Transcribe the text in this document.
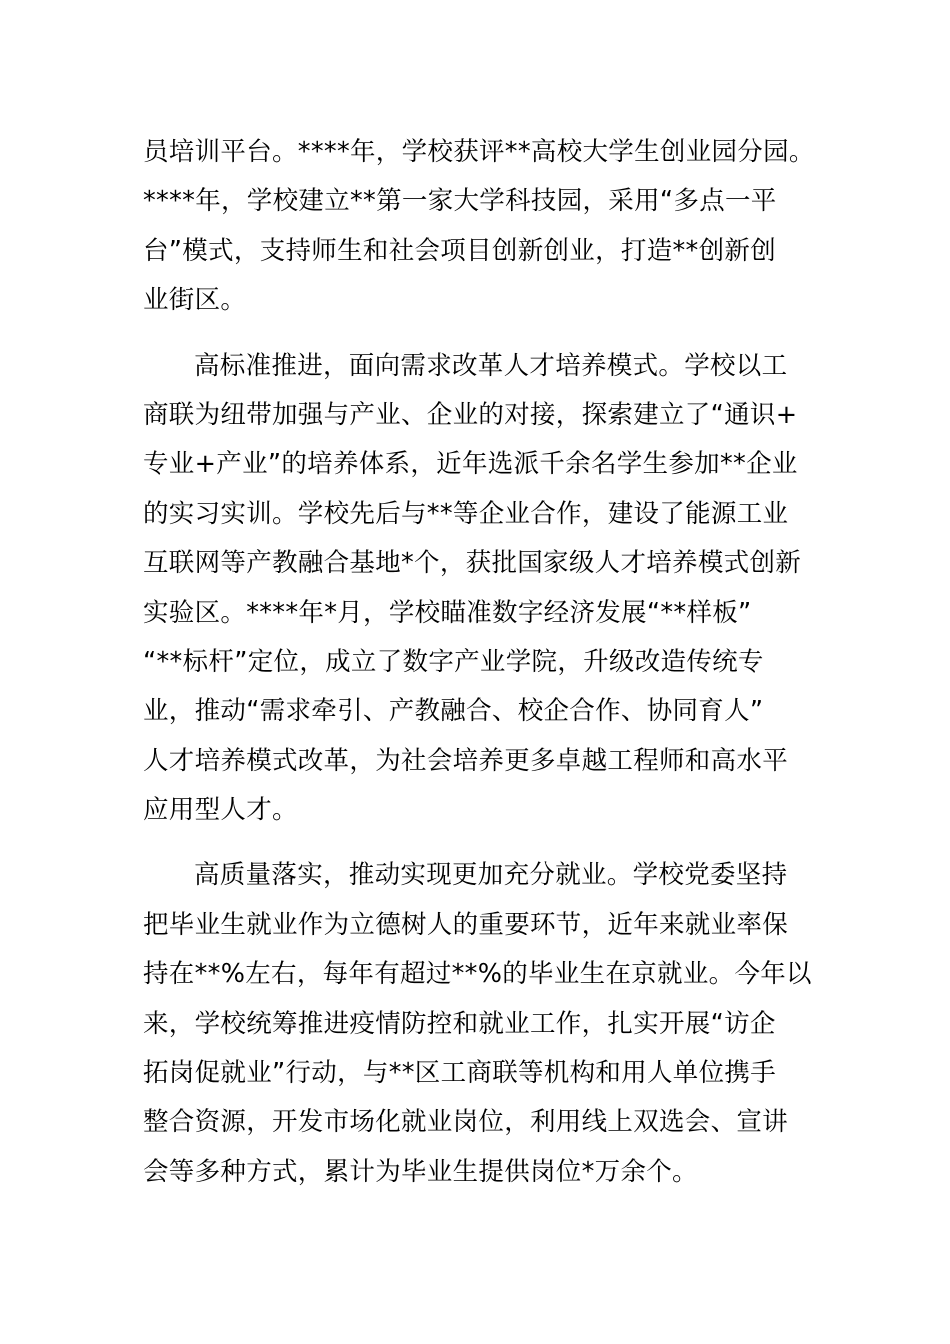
员培训平台。****年，学校获评**高校大学生创业园分园。
****年，学校建立**第一家大学科技园，采用“多点一平
台”模式，支持师生和社会项目创新创业，打造**创新创
业街区。
高标准推进，面向需求改革人才培养模式。学校以工
商联为纽带加强与产业、企业的对接，探索建立了“通识+
专业+产业”的培养体系，近年选派千余名学生参加**企业
的实习实训。学校先后与**等企业合作，建设了能源工业
互联网等产教融合基地*个，获批国家级人才培养模式创新
实验区。****年*月，学校瞄准数字经济发展“**样板”
“**标杆”定位，成立了数字产业学院，升级改造传统专
业，推动“需求牵引、产教融合、校企合作、协同育人”
人才培养模式改革，为社会培养更多卓越工程师和高水平
应用型人才。
高质量落实，推动实现更加充分就业。学校党委坚持
把毕业生就业作为立德树人的重要环节，近年来就业率保
持在**%左右，每年有超过**%的毕业生在京就业。今年以
来，学校统筹推进疫情防控和就业工作，扎实开展“访企
拓岗促就业”行动，与**区工商联等机构和用人单位携手
整合资源，开发市场化就业岗位，利用线上双选会、宣讲
会等多种方式，累计为毕业生提供岗位*万余个。
